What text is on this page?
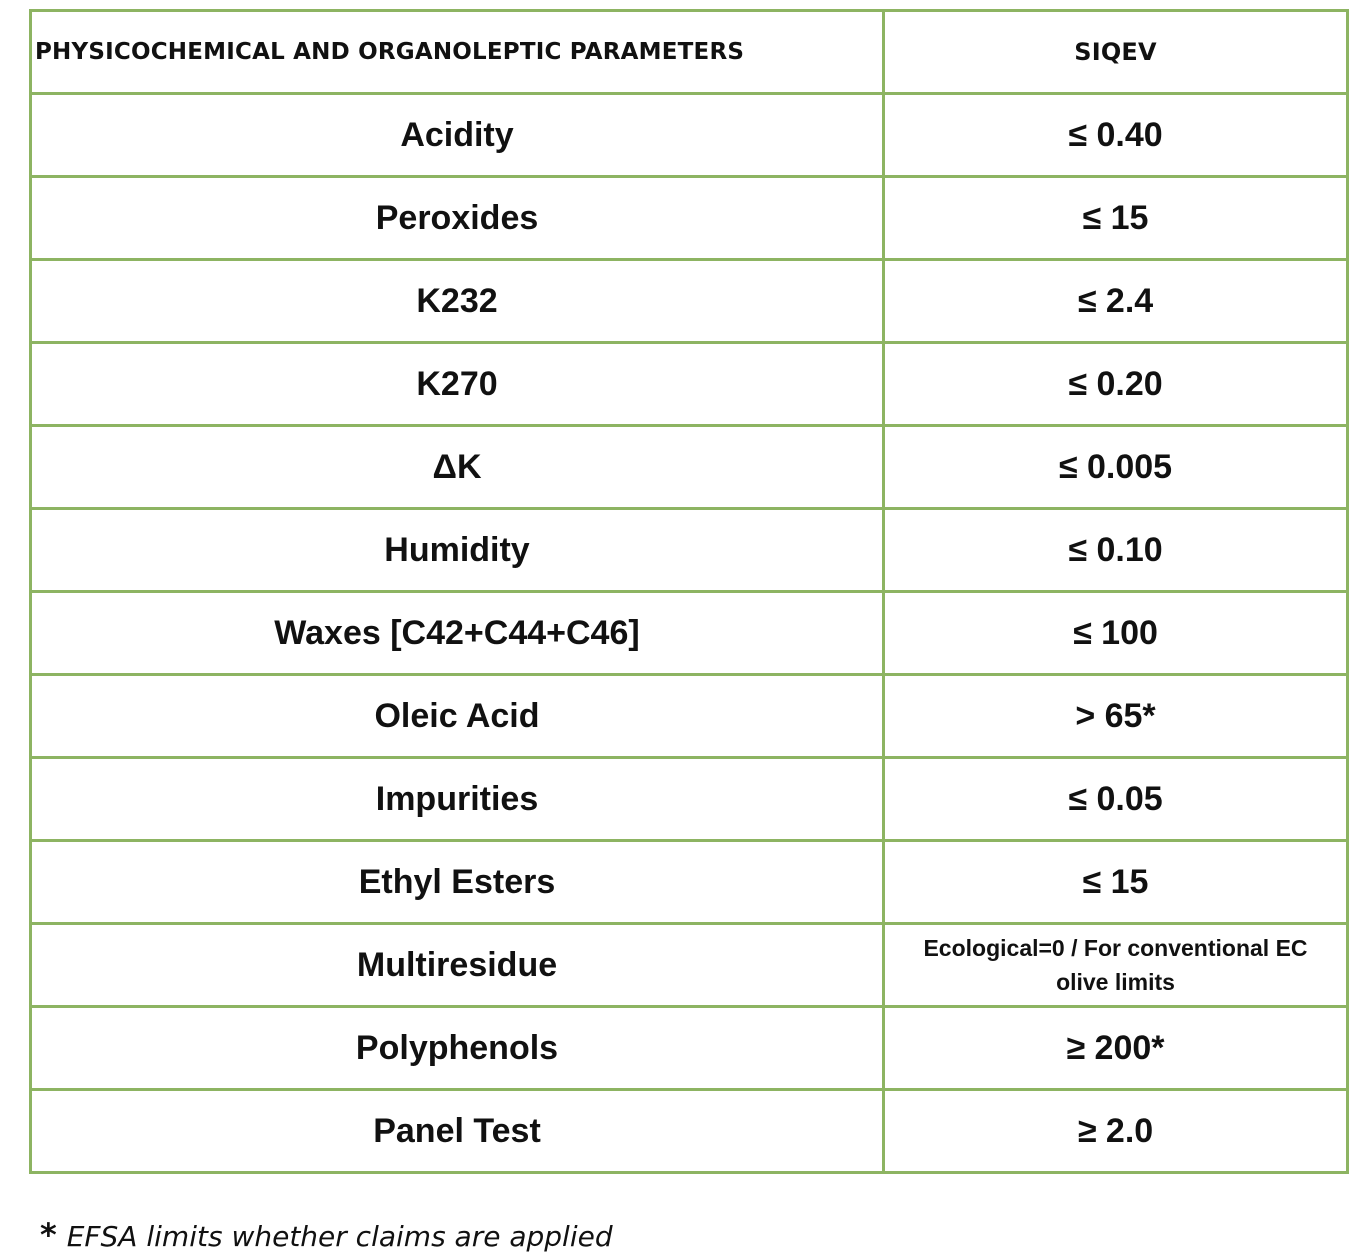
PHYSICOCHEMICAL AND ORGANOLEPTIC PARAMETERS	SIQEV
Acidity	≤ 0.40
Peroxides	≤ 15
K232	≤ 2.4
K270	≤ 0.20
ΔK	≤ 0.005
Humidity	≤ 0.10
Waxes [C42+C44+C46]	≤ 100
Oleic Acid	> 65*
Impurities	≤ 0.05
Ethyl Esters	≤ 15
Multiresidue	Ecological=0 / For conventional EC olive limits
Polyphenols	≥ 200*
Panel Test	≥ 2.0
* EFSA limits whether claims are applied
